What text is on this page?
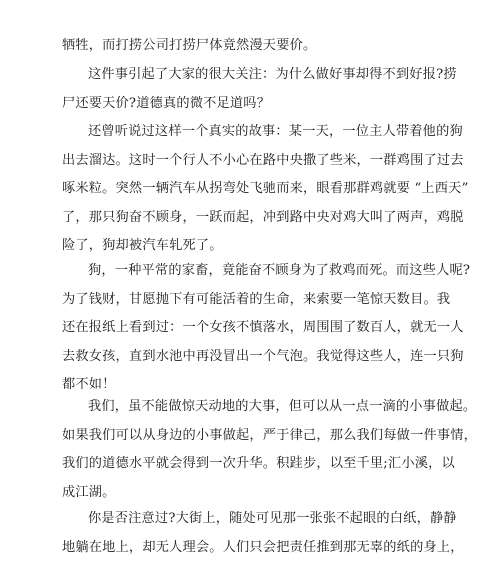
牺牲，而打捞公司打捞尸体竟然漫天要价。

这件事引起了大家的很大关注：为什么做好事却得不到好报?捞
尸还要天价?道德真的微不足道吗？

还曾听说过这样一个真实的故事：某一天，一位主人带着他的狗
出去溜达。这时一个行人不小心在路中央撒了些米，一群鸡围了过去
啄米粒。突然一辆汽车从拐弯处飞驰而来，眼看那群鸡就要 “上西天”
了，那只狗奋不顾身，一跃而起，冲到路中央对鸡大叫了两声，鸡脱
险了，狗却被汽车轧死了。

狗，一种平常的家畜，竟能奋不顾身为了救鸡而死。而这些人呢?
为了钱财，甘愿抛下有可能活着的生命，来索要一笔惊天数目。我
还在报纸上看到过：一个女孩不慎落水，周围围了数百人，就无一人
去救女孩，直到水池中再没冒出一个气泡。我觉得这些人，连一只狗
都不如！

我们，虽不能做惊天动地的大事，但可以从一点一滴的小事做起。
如果我们可以从身边的小事做起，严于律己，那么我们每做一件事情，
我们的道德水平就会得到一次升华。积跬步，以至千里;汇小溪，以
成江湖。

你是否注意过?大街上，随处可见那一张张不起眼的白纸，静静
地躺在地上，却无人理会。人们只会把责任推到那无辜的纸的身上，
